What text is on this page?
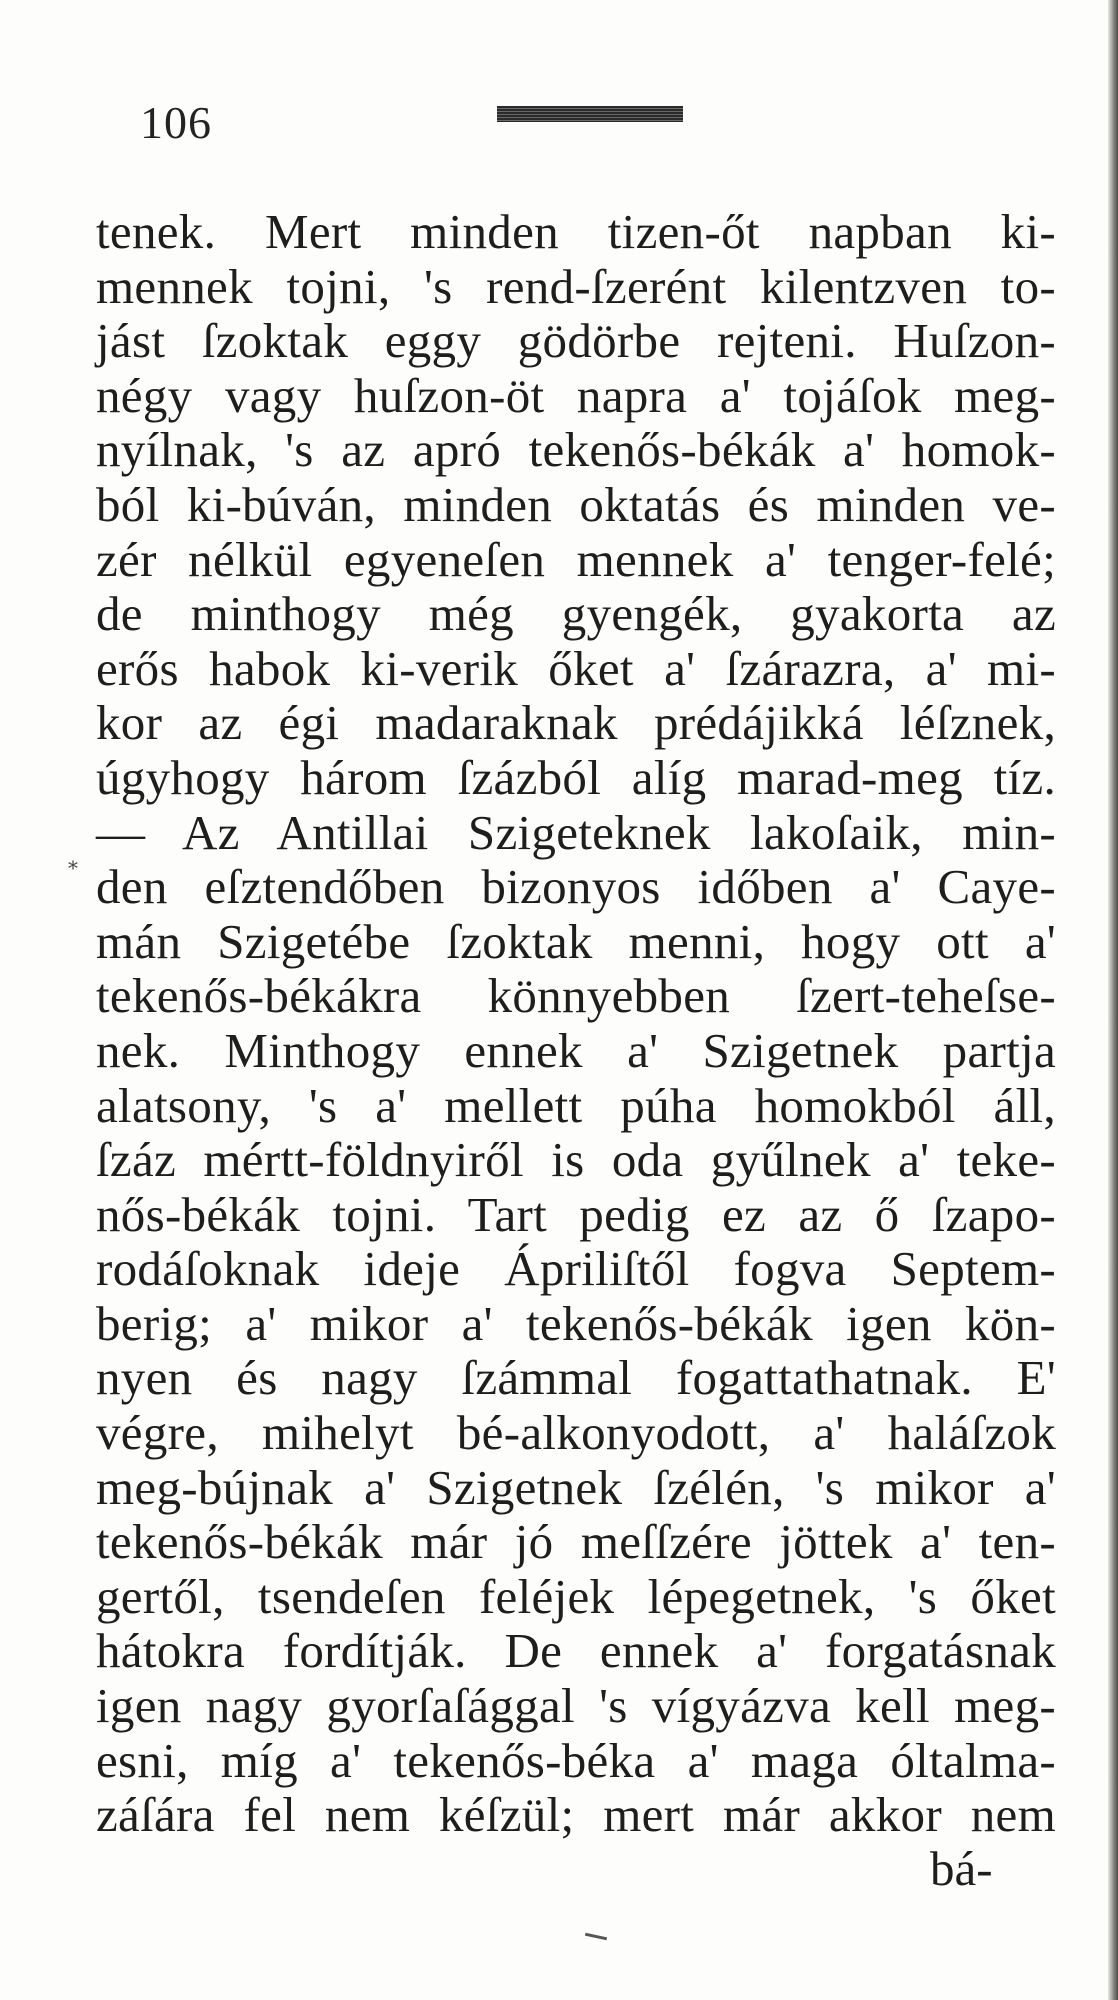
106
*
tenek. Mert minden tizen-őt napban ki-
mennek tojni, 's rend-ſzerént kilentzven to-
jást ſzoktak eggy gödörbe rejteni. Huſzon-
négy vagy huſzon-öt napra a' tojáſok meg-
nyílnak, 's az apró tekenős-békák a' homok-
ból ki-búván, minden oktatás és minden ve-
zér nélkül egyeneſen mennek a' tenger-felé;
de minthogy még gyengék, gyakorta az
erős habok ki-verik őket a' ſzárazra, a' mi-
kor az égi madaraknak prédájikká léſznek,
úgyhogy három ſzázból alíg marad-meg tíz.
— Az Antillai Szigeteknek lakoſaik, min-
den eſztendőben bizonyos időben a' Caye-
mán Szigetébe ſzoktak menni, hogy ott a'
tekenős-békákra könnyebben ſzert-teheſse-
nek. Minthogy ennek a' Szigetnek partja
alatsony, 's a' mellett púha homokból áll,
ſzáz mértt-földnyiről is oda gyűlnek a' teke-
nős-békák tojni. Tart pedig ez az ő ſzapo-
rodáſoknak ideje Ápriliſtől fogva Septem-
berig; a' mikor a' tekenős-békák igen kön-
nyen és nagy ſzámmal fogattathatnak. E'
végre, mihelyt bé-alkonyodott, a' haláſzok
meg-bújnak a' Szigetnek ſzélén, 's mikor a'
tekenős-békák már jó meſſzére jöttek a' ten-
gertől, tsendeſen feléjek lépegetnek, 's őket
hátokra fordítják. De ennek a' forgatásnak
igen nagy gyorſaſággal 's vígyázva kell meg-
esni, míg a' tekenős-béka a' maga óltalma-
záſára fel nem kéſzül; mert már akkor nem
bá-
